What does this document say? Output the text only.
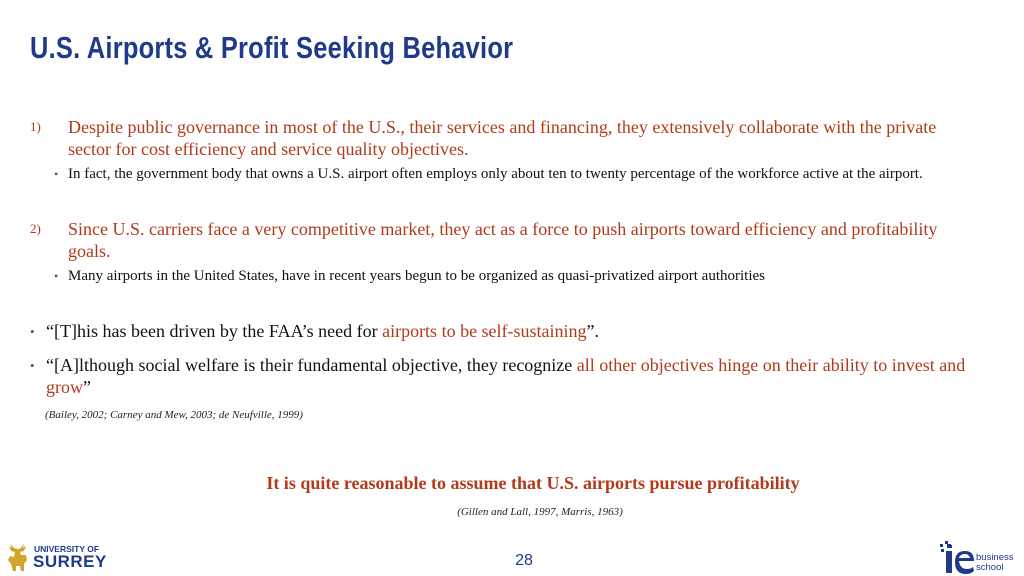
U.S. Airports & Profit Seeking Behavior
1) Despite public governance in most of the U.S., their services and financing, they extensively collaborate with the private sector for cost efficiency and service quality objectives.
• In fact, the government body that owns a U.S. airport often employs only about ten to twenty percentage of the workforce active at the airport.
2) Since U.S. carriers face a very competitive market, they act as a force to push airports toward efficiency and profitability goals.
• Many airports in the United States, have in recent years begun to be organized as quasi-privatized airport authorities
• “[T]his has been driven by the FAA’s need for airports to be self-sustaining”.
• “[A]lthough social welfare is their fundamental objective, they recognize all other objectives hinge on their ability to invest and grow”
(Bailey, 2002; Carney and Mew, 2003; de Neufville, 1999)
It is quite reasonable to assume that U.S. airports pursue profitability
(Gillen and Lall, 1997, Marris, 1963)
28
UNIVERSITY OF
SURREY	business
school
